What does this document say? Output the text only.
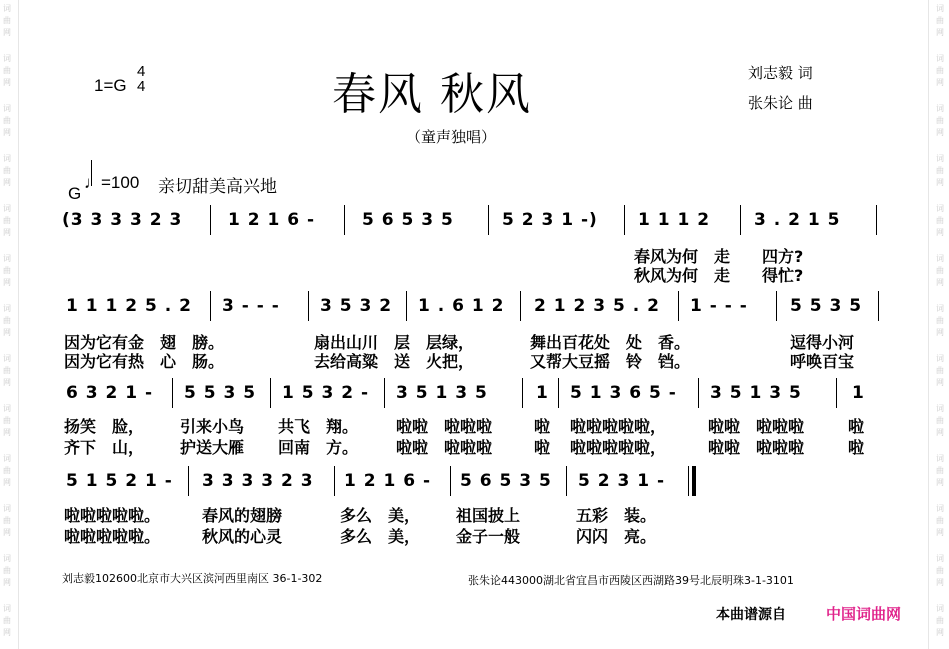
词
曲
网
词
曲
网
词
曲
网
词
曲
网
词
曲
网
词
曲
网
词
曲
网
词
曲
网
词
曲
网
词
曲
网
词
曲
网
词
曲
网
词
曲
网
词
曲
网
词
曲
网
词
曲
网
词
曲
网
词
曲
网
词
曲
网
词
曲
网
词
曲
网
词
曲
网
词
曲
网
词
曲
网
词
曲
网
词
曲
网
1=G
4
4	春风 秋风	刘志毅 词
张朱论 曲
（童声独唱）
G
♩=100 亲切甜美高兴地
(3 3 3 3 2 3	1 2 1 6 -	5 6 5 3 5	5 2 3 1 -) 1 1 1 2	3 . 2 1 5
春风为何　走　　四方?
秋风为何　走　　得忙?
1 1 1 2 5 . 2 3 - - - 3 5 3 2 1 . 6 1 2 2 1 2 3 5 . 2 1 - - - 5 5 3 5
因为它有金　翅　膀。	扇出山川　层　层绿，	舞出百花处　处　香。	逗得小河
因为它有热　心　肠。	去给高粱　送　火把，	又帮大豆摇　铃　铛。	呼唤百宝
6 3 2 1 - 5 5 3 5 1 5 3 2 - 3 5 1 3 5	1 5 1 3 6 5 - 3 5 1 3 5	1
扬笑　脸， 引来小鸟 共飞　翔。 啦啦　啦啦啦	啦 啦啦啦啦啦，	啦啦　啦啦啦	啦
齐下　山， 护送大雁 回南　方。 啦啦　啦啦啦	啦 啦啦啦啦啦，	啦啦　啦啦啦	啦
5 1 5 2 1 - 3 3 3 3 2 3 1 2 1 6 - 5 6 5 3 5 5 2 3 1 -
啦啦啦啦啦。	春风的翅膀	多么　美， 祖国披上	五彩　装。
啦啦啦啦啦。	秋风的心灵	多么　美， 金子一般	闪闪　亮。
刘志毅102600北京市大兴区滨河西里南区 36-1-302	张朱论443000湖北省宜昌市西陵区西湖路39号北辰明珠3-1-3101
本曲谱源自	中国词曲网
